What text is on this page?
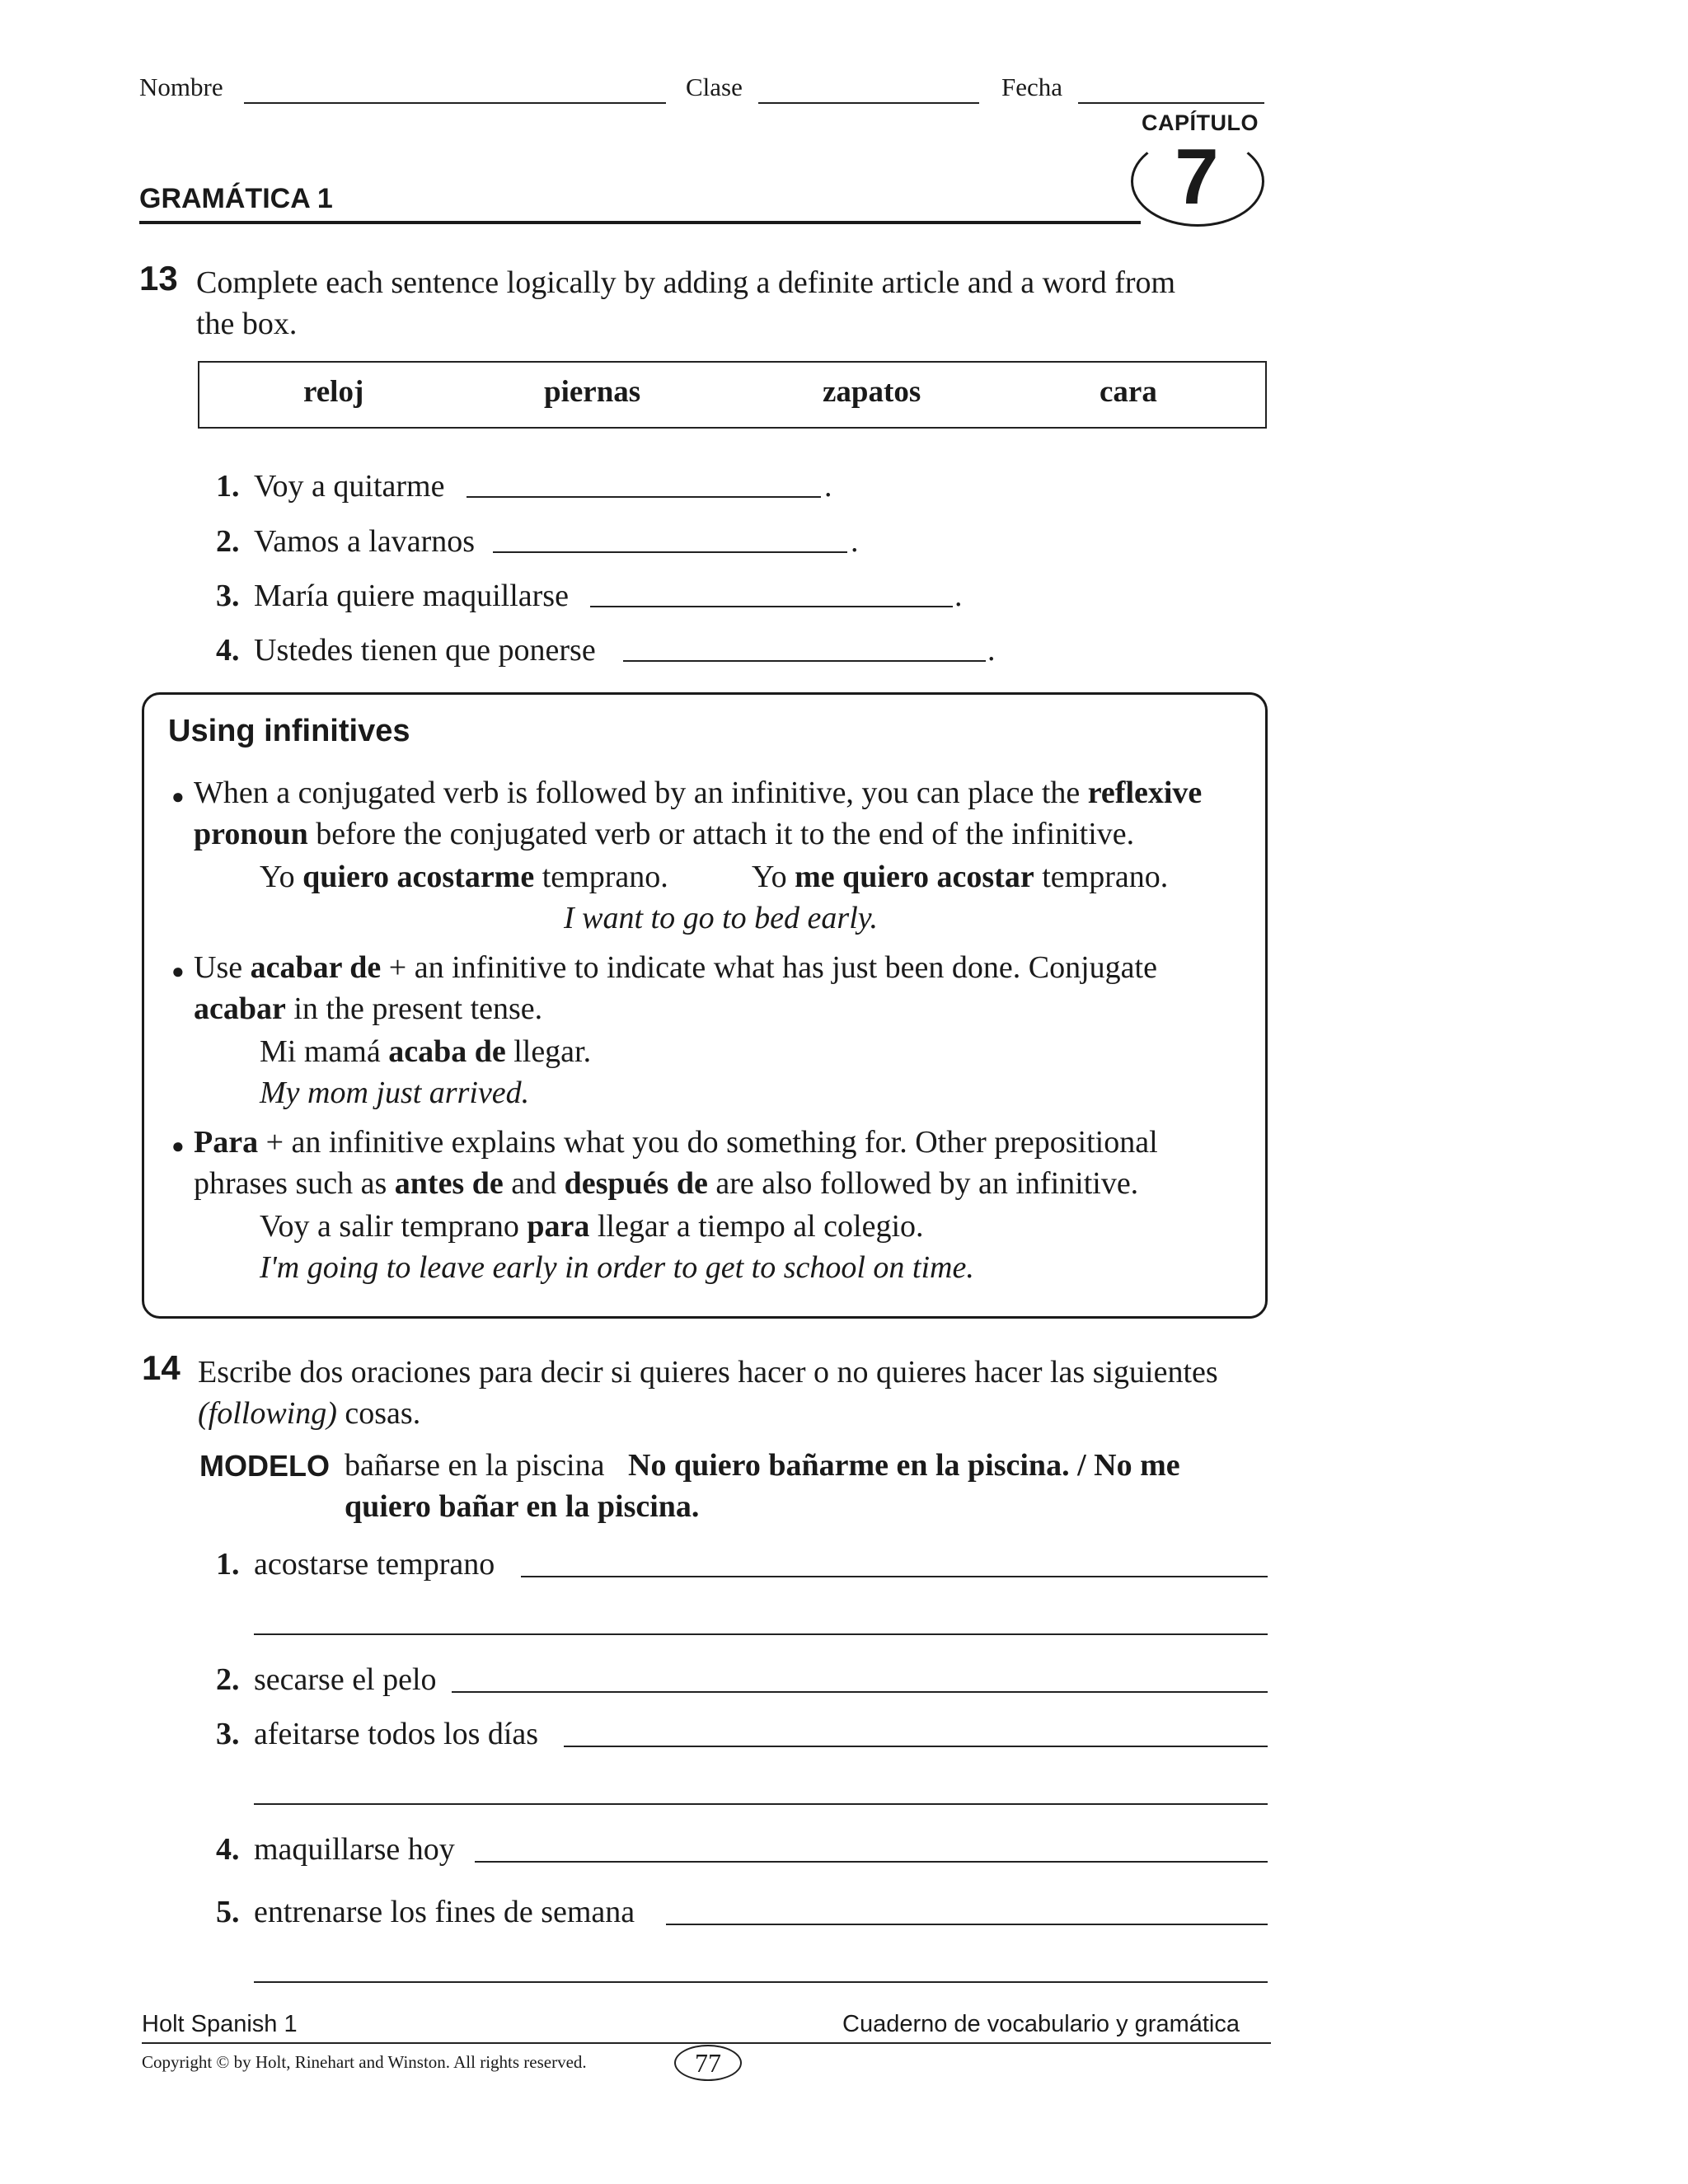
Nombre	Clase	Fecha
CAPÍTULO
7
GRAMÁTICA 1
13 Complete each sentence logically by adding a definite article and a word from
the box.
reloj	piernas	zapatos	cara
1. Voy a quitarme	.
2. Vamos a lavarnos	.
3. María quiere maquillarse	.
4. Ustedes tienen que ponerse	.
Using infinitives
● When a conjugated verb is followed by an infinitive, you can place the reflexive
pronoun before the conjugated verb or attach it to the end of the infinitive.
Yo quiero acostarme temprano.	Yo me quiero acostar temprano.
I want to go to bed early.
● Use acabar de + an infinitive to indicate what has just been done. Conjugate
acabar in the present tense.
Mi mamá acaba de llegar.
My mom just arrived.
● Para + an infinitive explains what you do something for. Other prepositional
phrases such as antes de and después de are also followed by an infinitive.
Voy a salir temprano para llegar a tiempo al colegio.
I'm going to leave early in order to get to school on time.
14 Escribe dos oraciones para decir si quieres hacer o no quieres hacer las siguientes
(following) cosas.
MODELO bañarse en la piscina No quiero bañarme en la piscina. / No me
quiero bañar en la piscina.
1. acostarse temprano
2. secarse el pelo
3. afeitarse todos los días
4. maquillarse hoy
5. entrenarse los fines de semana
Holt Spanish 1	Cuaderno de vocabulario y gramática
Copyright © by Holt, Rinehart and Winston. All rights reserved.	77
